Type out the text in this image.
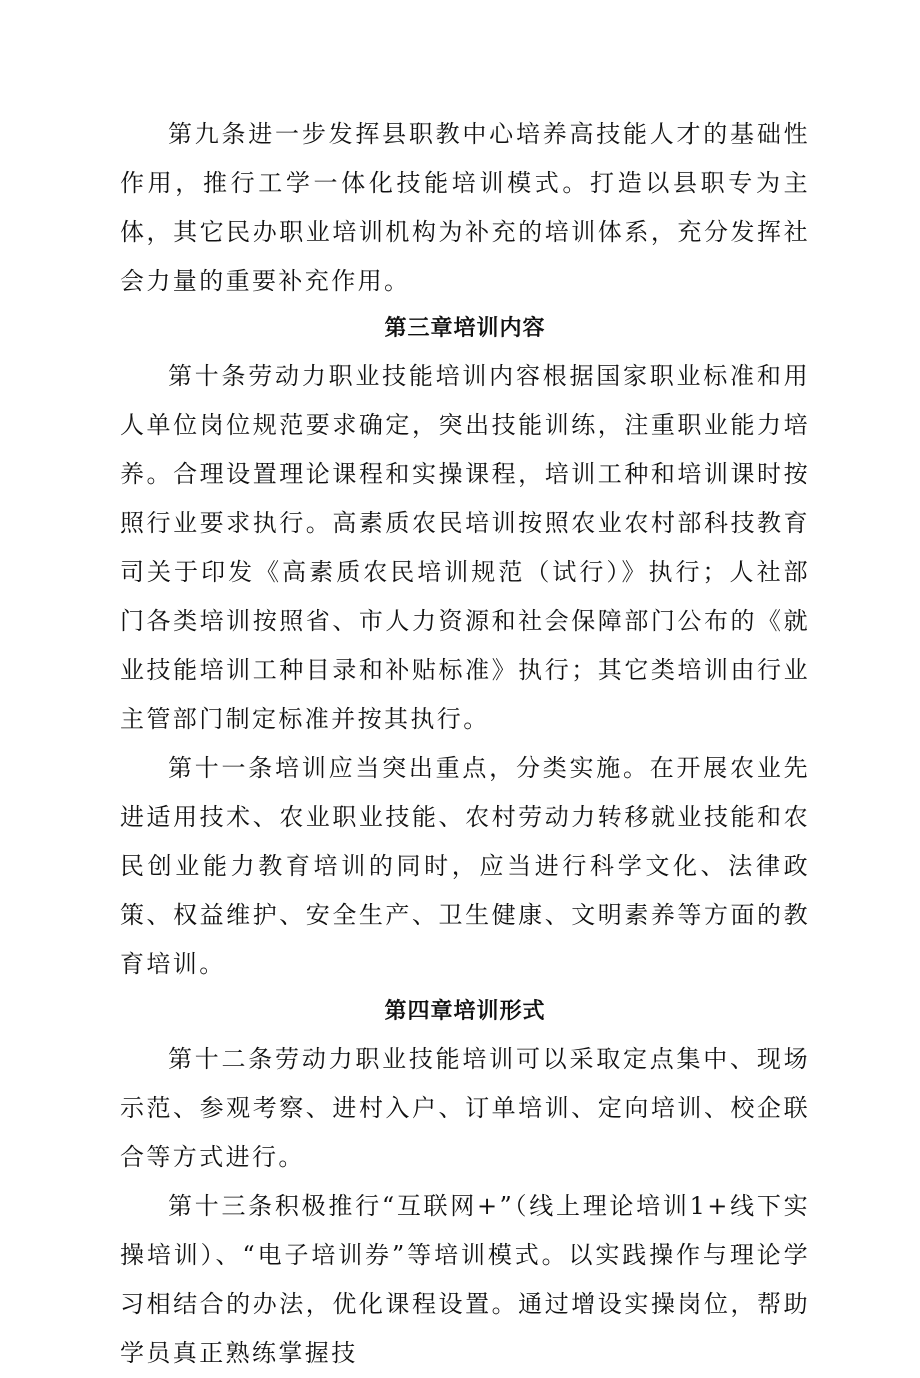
第九条进一步发挥县职教中心培养高技能人才的基础性作用，推行工学一体化技能培训模式。打造以县职专为主体，其它民办职业培训机构为补充的培训体系，充分发挥社会力量的重要补充作用。

第三章培训内容

第十条劳动力职业技能培训内容根据国家职业标准和用人单位岗位规范要求确定，突出技能训练，注重职业能力培养。合理设置理论课程和实操课程，培训工种和培训课时按照行业要求执行。高素质农民培训按照农业农村部科技教育司关于印发《高素质农民培训规范（试行）》执行；人社部门各类培训按照省、市人力资源和社会保障部门公布的《就业技能培训工种目录和补贴标准》执行；其它类培训由行业主管部门制定标准并按其执行。

第十一条培训应当突出重点，分类实施。在开展农业先进适用技术、农业职业技能、农村劳动力转移就业技能和农民创业能力教育培训的同时，应当进行科学文化、法律政策、权益维护、安全生产、卫生健康、文明素养等方面的教育培训。

第四章培训形式

第十二条劳动力职业技能培训可以采取定点集中、现场示范、参观考察、进村入户、订单培训、定向培训、校企联合等方式进行。

第十三条积极推行“互联网+”（线上理论培训1+线下实操培训）、“电子培训券”等培训模式。以实践操作与理论学习相结合的办法，优化课程设置。通过增设实操岗位，帮助学员真正熟练掌握技
